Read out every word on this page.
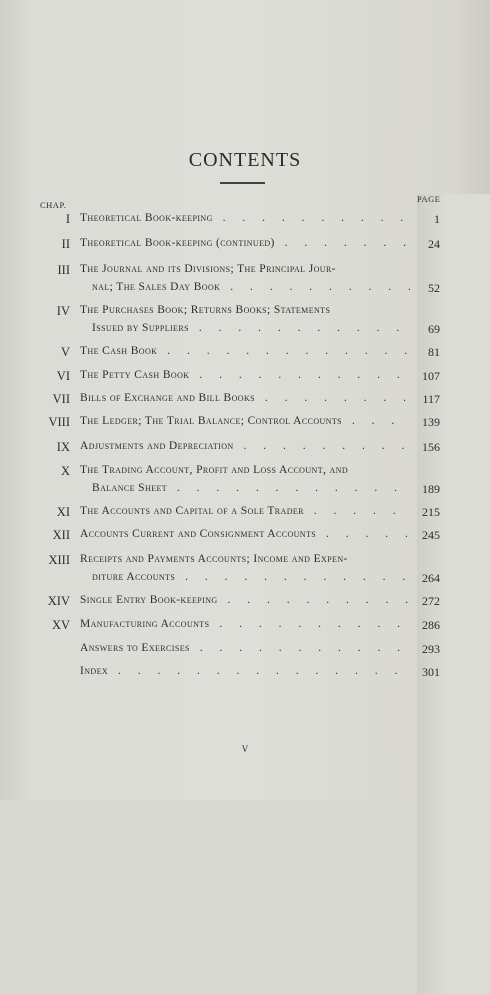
CONTENTS
CHAP.
PAGE
I Theoretical Book-keeping . . .	1
II Theoretical Book-keeping (continued) . . .	24
III The Journal and its Divisions; The Principal Jour-
nal; The Sales Day Book . . .	52
IV The Purchases Book; Returns Books; Statements
Issued by Suppliers . . .	69
V The Cash Book . . .	81
VI The Petty Cash Book . . .	107
VII Bills of Exchange and Bill Books . . .	117
VIII The Ledger; The Trial Balance; Control Accounts . . .	139
IX Adjustments and Depreciation . . .	156
X The Trading Account, Profit and Loss Account, and
Balance Sheet . . .	189
XI The Accounts and Capital of a Sole Trader . . .	215
XII Accounts Current and Consignment Accounts . . .	245
XIII Receipts and Payments Accounts; Income and Expen-
diture Accounts . . .	264
XIV Single Entry Book-keeping . . .	272
XV Manufacturing Accounts . . .	286
Answers to Exercises . . .	293
Index . . .	301
v
